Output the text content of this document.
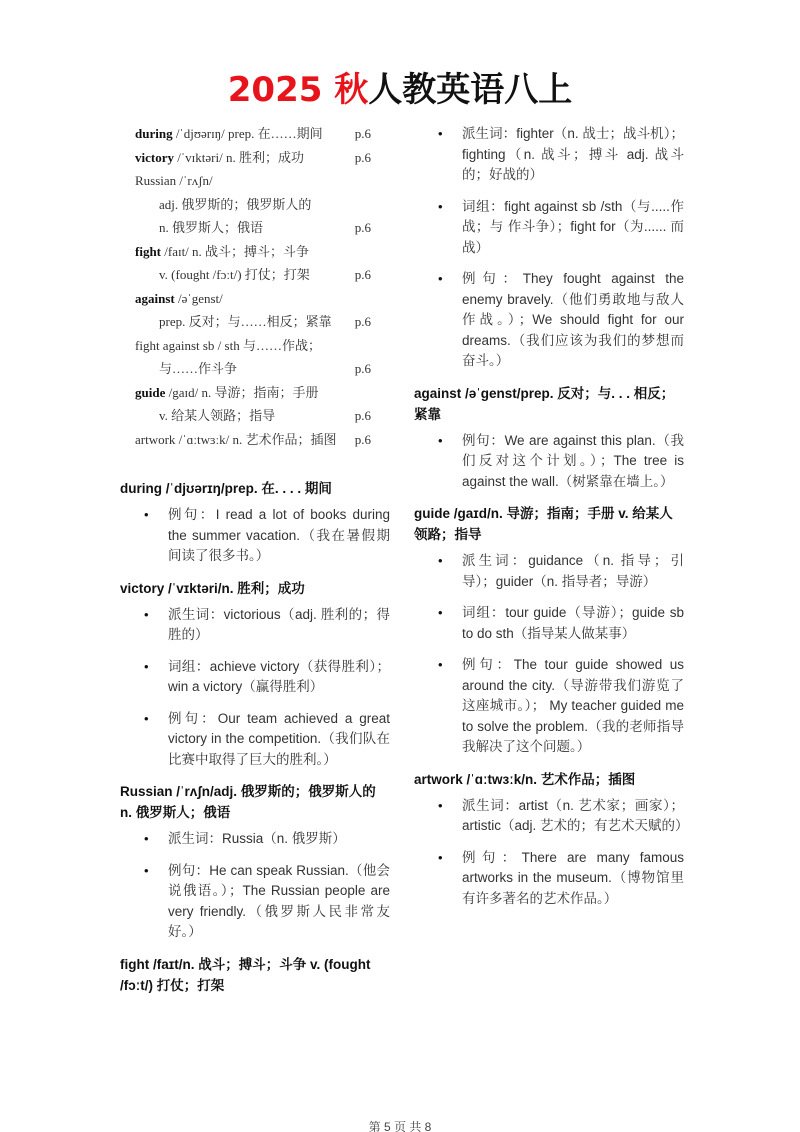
2025 秋人教英语八上
during /ˈdjʊərɪŋ/ prep. 在……期间 p.6
victory /ˈvɪktəri/ n. 胜利；成功	p.6
Russian /ˈrʌʃn/
adj. 俄罗斯的；俄罗斯人的
n. 俄罗斯人；俄语	p.6
fight /faɪt/ n. 战斗；搏斗；斗争
v. (fought /fɔːt/) 打仗；打架	p.6
against /əˈgenst/
prep. 反对；与……相反；紧靠 p.6
fight against sb / sth 与……作战；
与……作斗争	p.6
guide /gaɪd/ n. 导游；指南；手册
v. 给某人领路；指导	p.6
artwork /ˈɑːtwɜːk/ n. 艺术作品；插图 p.6

during /ˈdjʊərɪŋ/prep. 在. . . . 期间

• 例句：I read a lot of books during the summer vacation.（我在暑假期间读了很多书。）

victory /ˈvɪktəri/n. 胜利；成功

• 派生词：victorious（adj. 胜利的；得胜的）
• 词组：achieve victory（获得胜利）； win a victory（赢得胜利）
• 例句：Our team achieved a great victory in the competition.（我们队在比赛中取得了巨大的胜利。）

Russian /ˈrʌʃn/adj. 俄罗斯的；俄罗斯人的 n. 俄罗斯人；俄语

• 派生词：Russia（n. 俄罗斯）
• 例句：He can speak Russian.（他会说俄语。）；The Russian people are very friendly.（俄罗斯人民非常友好。）

fight /faɪt/n. 战斗；搏斗；斗争 v. (fought /fɔːt/) 打仗；打架

• 派生词：fighter（n. 战士；战斗机）；fighting（n. 战斗；搏斗 adj. 战斗的；好战的）
• 词组：fight against sb /sth（与.....作战；与 作斗争）；fight for（为...... 而战）
• 例句：They fought against the enemy bravely.（他们勇敢地与敌人作战。）；We should fight for our dreams.（我们应该为我们的梦想而奋斗。）

against /əˈgenst/prep. 反对；与. . . 相反；紧靠

• 例句：We are against this plan.（我们反对这个计划。）；The tree is against the wall.（树紧靠在墙上。）

guide /gaɪd/n. 导游；指南；手册 v. 给某人领路；指导

• 派生词：guidance（n. 指导；引导）；guider（n. 指导者；导游）
• 词组：tour guide（导游）；guide sb to do sth（指导某人做某事）
• 例句：The tour guide showed us around the city.（导游带我们游览了这座城市。）； My teacher guided me to solve the problem.（我的老师指导我解决了这个问题。）

artwork /ˈɑːtwɜːk/n. 艺术作品；插图

• 派生词：artist（n. 艺术家；画家）； artistic（adj. 艺术的；有艺术天赋的）
• 例句：There are many famous artworks in the museum.（博物馆里有许多著名的艺术作品。）
第 5 页 共 8
